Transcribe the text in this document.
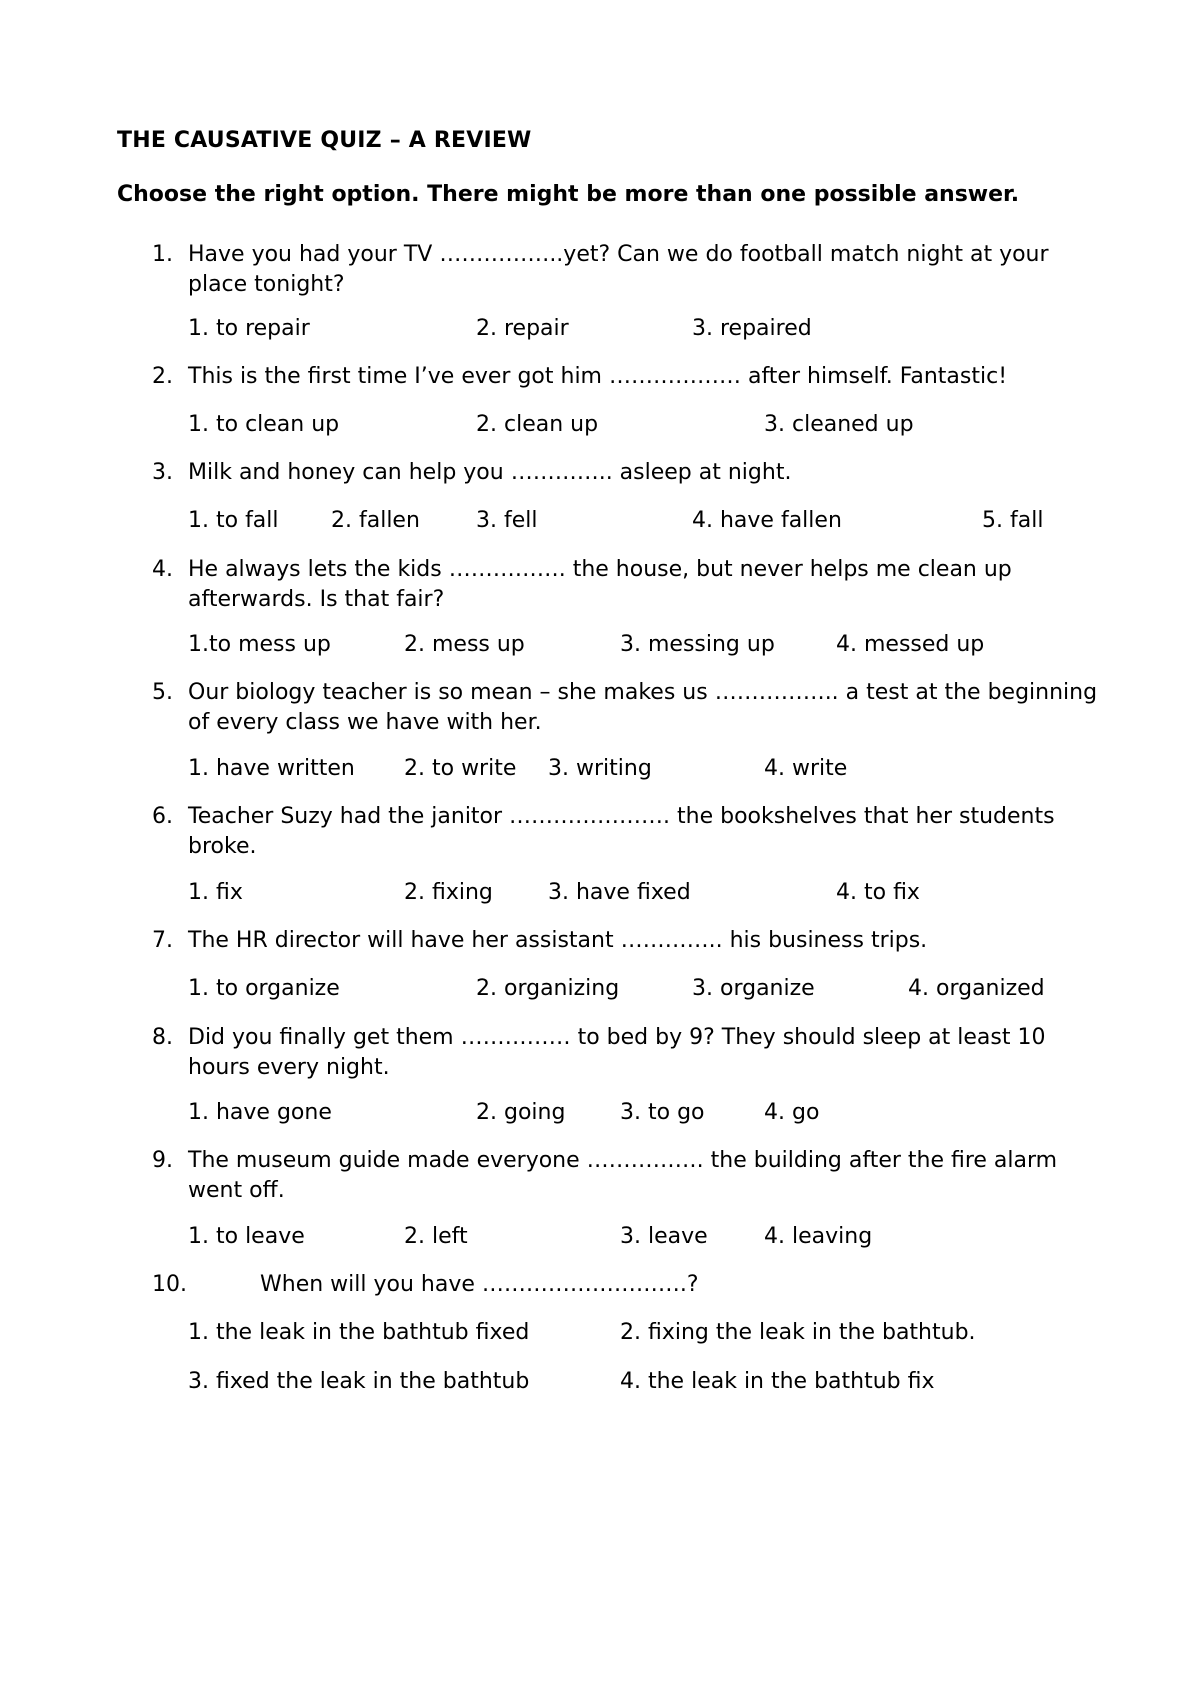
THE CAUSATIVE QUIZ – A REVIEW
Choose the right option. There might be more than one possible answer.
1. Have you had your TV ……………..yet? Can we do football match night at your place tonight?
1. to repair	2. repair	3. repaired
2. This is the first time I’ve ever got him ……………… after himself. Fantastic!
1. to clean up	2. clean up	3. cleaned up
3. Milk and honey can help you ………….. asleep at night.
1. to fall 2. fallen	3. fell	4. have fallen	5. fall
4. He always lets the kids ……………. the house, but never helps me clean up afterwards. Is that fair?
1.to mess up	2. mess up	3. messing up	4. messed up
5. Our biology teacher is so mean – she makes us …………….. a test at the beginning of every class we have with her.
1. have written 2. to write 3. writing	4. write
6. Teacher Suzy had the janitor …………………. the bookshelves that her students broke.
1. fix	2. fixing	3. have fixed	4. to fix
7. The HR director will have her assistant ………….. his business trips.
1. to organize	2. organizing	3. organize	4. organized
8. Did you finally get them …………… to bed by 9? They should sleep at least 10 hours every night.
1. have gone	2. going 3. to go	4. go
9. The museum guide made everyone ……………. the building after the fire alarm went off.
1. to leave	2. left	3. leave	4. leaving
10.	When will you have ……………………….?
1. the leak in the bathtub fixed	2. fixing the leak in the bathtub.
3. fixed the leak in the bathtub	4. the leak in the bathtub fix
